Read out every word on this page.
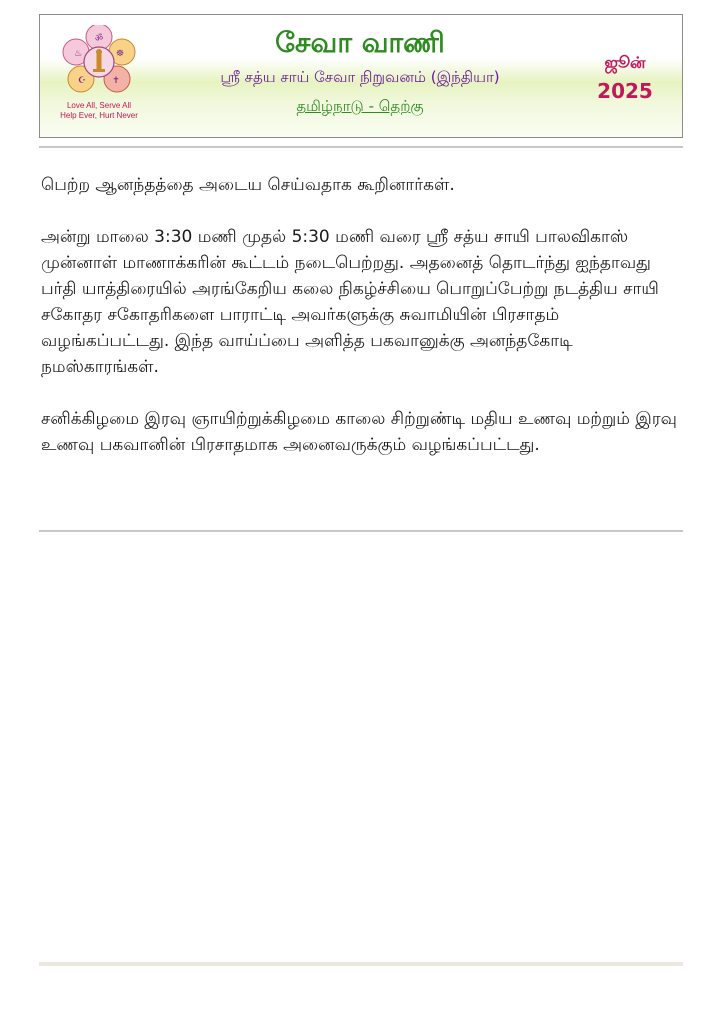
ॐ
☸
✝
☪
♨
Love All, Serve All
Help Ever, Hurt Never
சேவா வாணி
ஸ்ரீ சத்ய சாய் சேவா நிறுவனம் (இந்தியா)
தமிழ்நாடு - தெற்கு
ஜூன்
2025

பெற்ற ஆனந்தத்தை அடைய செய்வதாக கூறினார்கள்.

அன்று மாலை 3:30 மணி முதல் 5:30 மணி வரை ஸ்ரீ சத்ய சாயி பாலவிகாஸ் முன்னாள் மாணாக்கரின் கூட்டம் நடைபெற்றது. அதனைத் தொடர்ந்து ஐந்தாவது பர்தி யாத்திரையில் அரங்கேறிய கலை நிகழ்ச்சியை பொறுப்பேற்று நடத்திய சாயி சகோதர சகோதரிகளை பாராட்டி அவர்களுக்கு சுவாமியின் பிரசாதம் வழங்கப்பட்டது. இந்த வாய்ப்பை அளித்த பகவானுக்கு அனந்தகோடி நமஸ்காரங்கள்.

சனிக்கிழமை இரவு ஞாயிற்றுக்கிழமை காலை சிற்றுண்டி மதிய உணவு மற்றும் இரவு உணவு பகவானின் பிரசாதமாக அனைவருக்கும் வழங்கப்பட்டது.
